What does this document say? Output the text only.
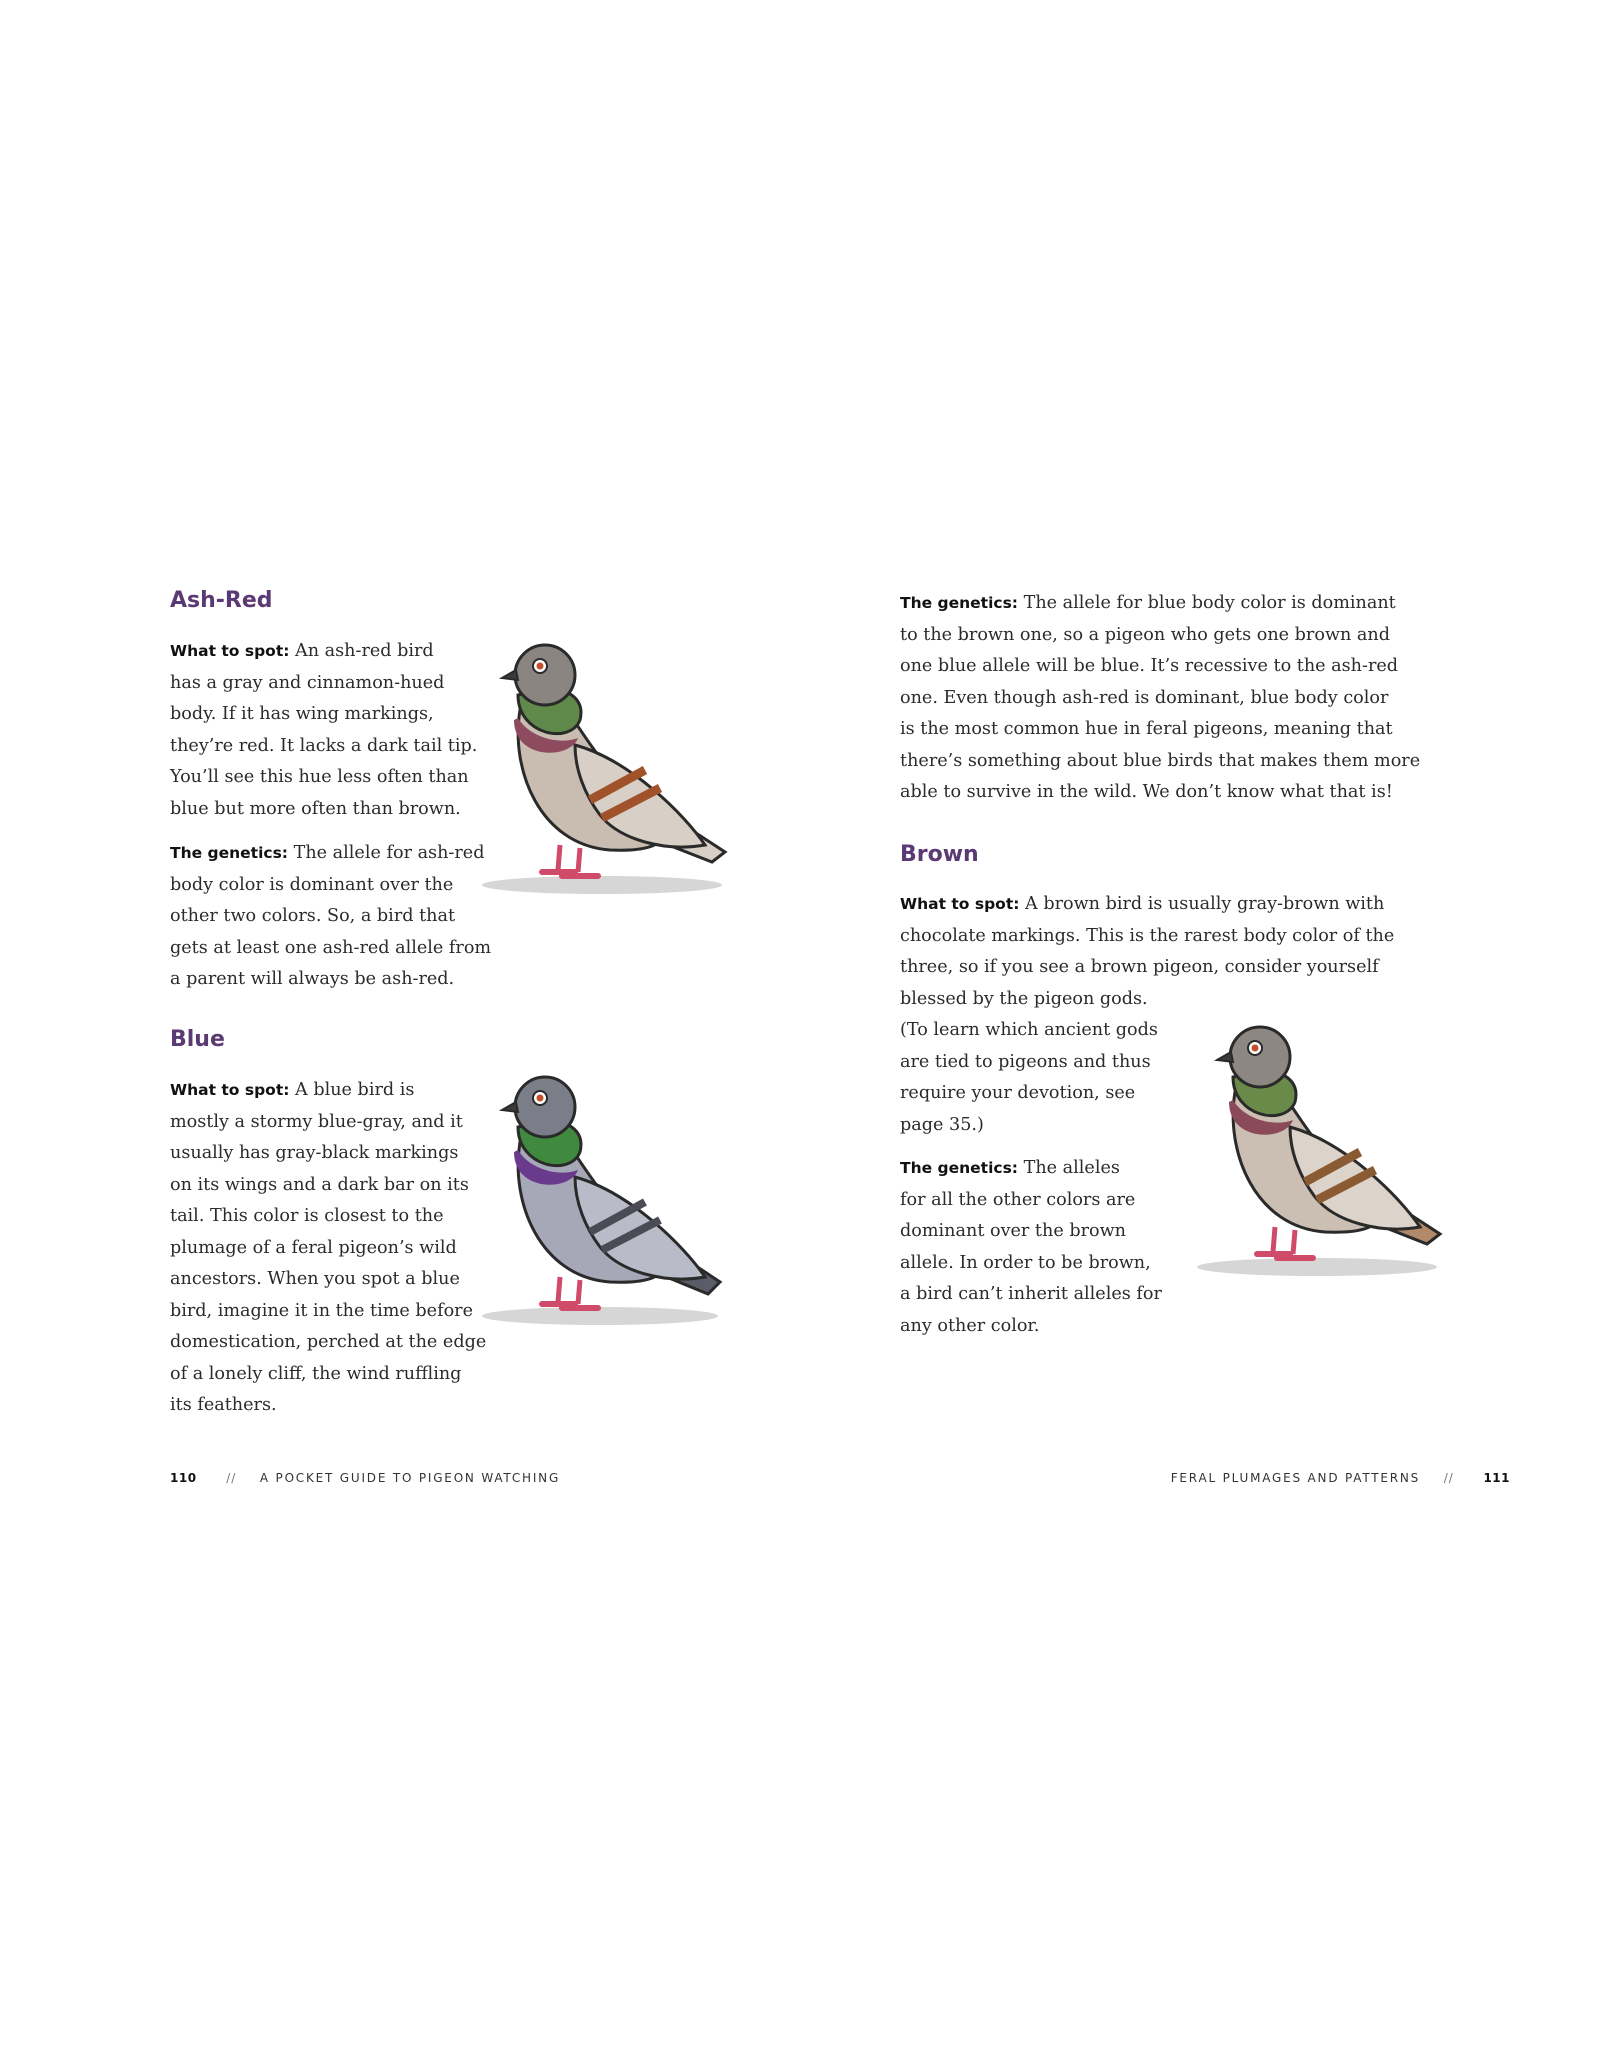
Ash-Red

What to spot: An ash-red bird

has a gray and cinnamon-hued

body. If it has wing markings,

they’re red. It lacks a dark tail tip.

You’ll see this hue less often than

blue but more often than brown.

The genetics: The allele for ash-red

body color is dominant over the

other two colors. So, a bird that

gets at least one ash-red allele from

a parent will always be ash-red.

Blue

What to spot: A blue bird is

mostly a stormy blue-gray, and it

usually has gray-black markings

on its wings and a dark bar on its

tail. This color is closest to the

plumage of a feral pigeon’s wild

ancestors. When you spot a blue

bird, imagine it in the time before

domestication, perched at the edge

of a lonely cliff, the wind ruffling

its feathers.

110 // A POCKET GUIDE TO PIGEON WATCHING

The genetics: The allele for blue body color is dominant

to the brown one, so a pigeon who gets one brown and

one blue allele will be blue. It’s recessive to the ash-red

one. Even though ash-red is dominant, blue body color

is the most common hue in feral pigeons, meaning that

there’s something about blue birds that makes them more

able to survive in the wild. We don’t know what that is!

Brown

What to spot: A brown bird is usually gray-brown with

chocolate markings. This is the rarest body color of the

three, so if you see a brown pigeon, consider yourself

blessed by the pigeon gods.

(To learn which ancient gods

are tied to pigeons and thus

require your devotion, see

page 35.)

The genetics: The alleles

for all the other colors are

dominant over the brown

allele. In order to be brown,

a bird can’t inherit alleles for

any other color.

FERAL PLUMAGES AND PATTERNS // 111
